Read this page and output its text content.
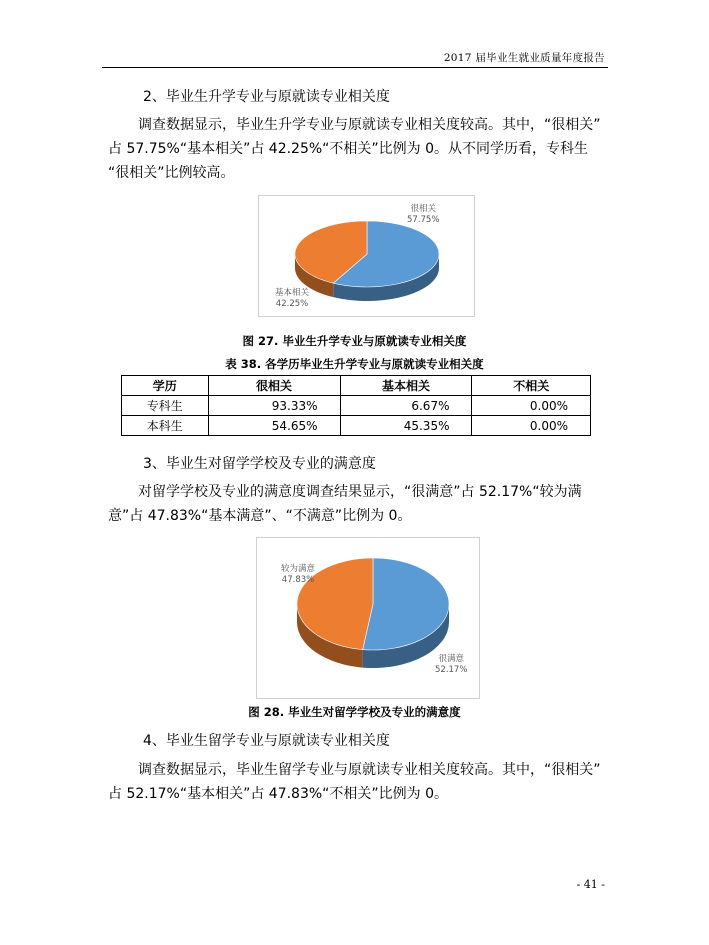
2017 届毕业生就业质量年度报告
2、毕业生升学专业与原就读专业相关度
调查数据显示，毕业生升学专业与原就读专业相关度较高。其中，“很相关”
占 57.75%“基本相关”占 42.25%“不相关”比例为 0。从不同学历看，专科生
“很相关”比例较高。
很相关
57.75%
基本相关
42.25%
图 27. 毕业生升学专业与原就读专业相关度
表 38. 各学历毕业生升学专业与原就读专业相关度
学历	很相关	基本相关	不相关
专科生	93.33%	6.67%	0.00%
本科生	54.65%	45.35%	0.00%
3、毕业生对留学学校及专业的满意度
对留学学校及专业的满意度调查结果显示，“很满意”占 52.17%“较为满
意”占 47.83%“基本满意”、“不满意”比例为 0。
较为满意
47.83%
很满意
52.17%
图 28. 毕业生对留学学校及专业的满意度
4、毕业生留学专业与原就读专业相关度
调查数据显示，毕业生留学专业与原就读专业相关度较高。其中，“很相关”
占 52.17%“基本相关”占 47.83%“不相关”比例为 0。
- 41 -
